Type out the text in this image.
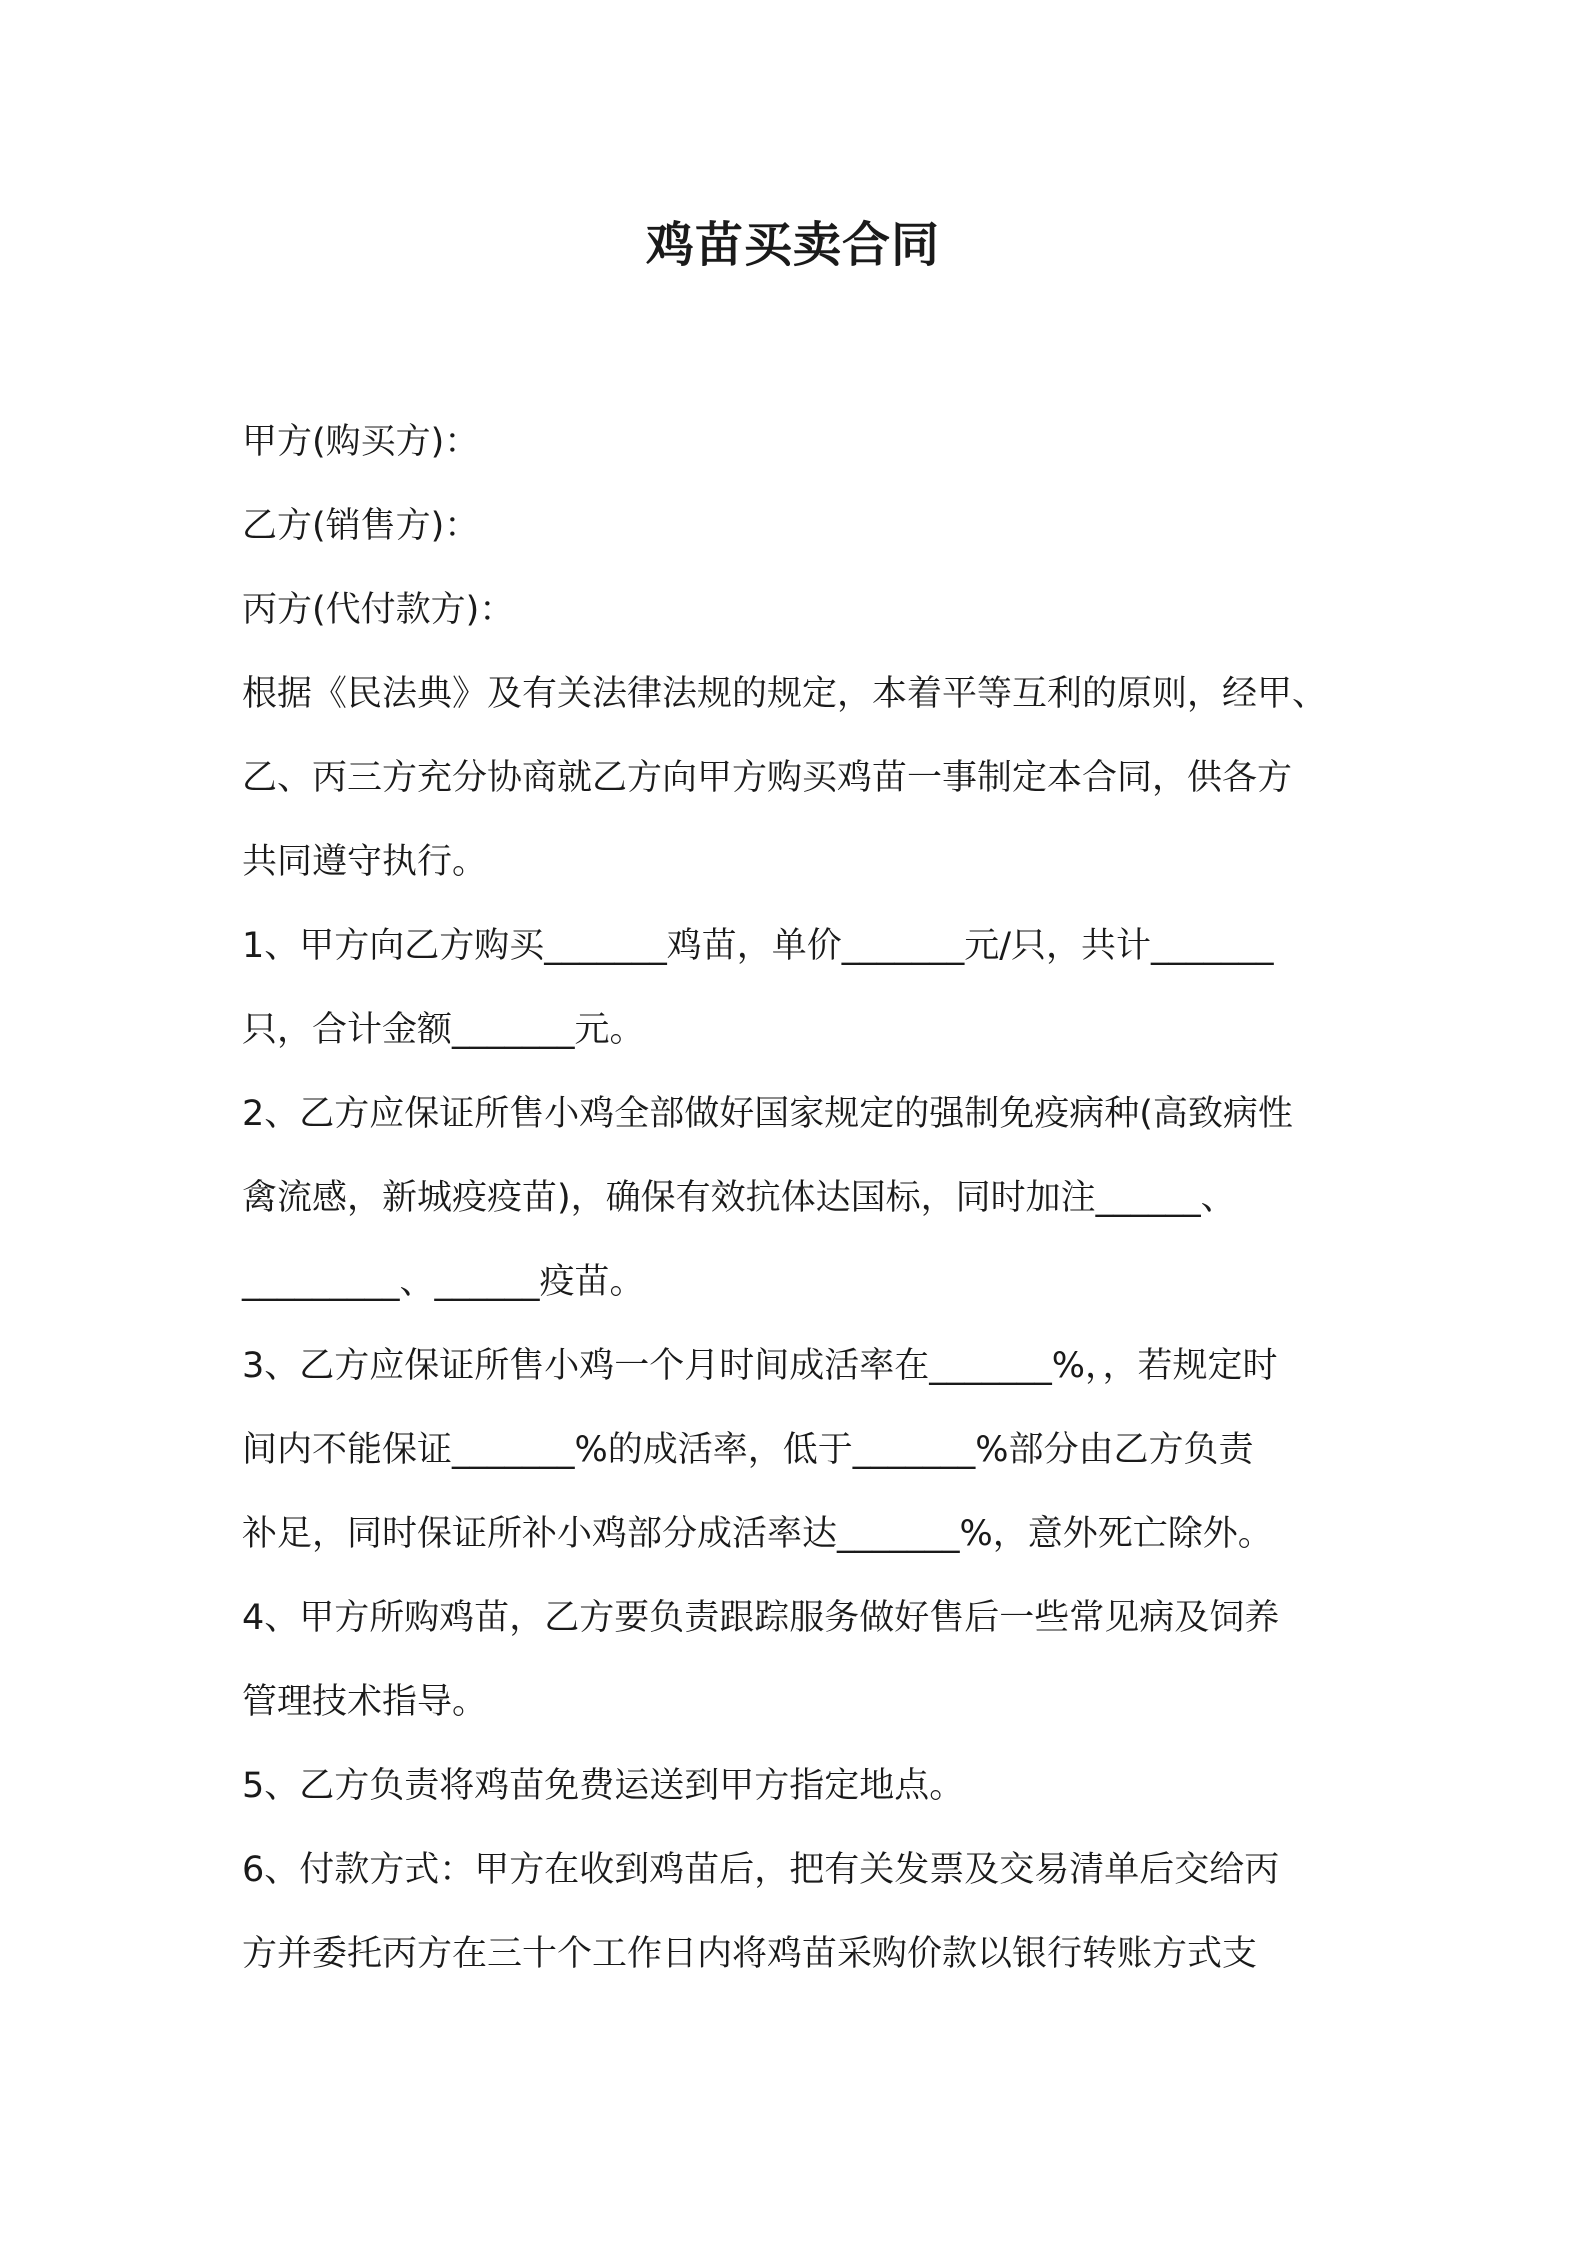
鸡苗买卖合同
甲方(购买方)：
乙方(销售方)：
丙方(代付款方)：
根据《民法典》及有关法律法规的规定，本着平等互利的原则，经甲、
乙、丙三方充分协商就乙方向甲方购买鸡苗一事制定本合同，供各方
共同遵守执行。
1、甲方向乙方购买_______鸡苗，单价_______元/只，共计_______
只，合计金额_______元。
2、乙方应保证所售小鸡全部做好国家规定的强制免疫病种(高致病性
禽流感，新城疫疫苗)，确保有效抗体达国标，同时加注______、
_________、______疫苗。
3、乙方应保证所售小鸡一个月时间成活率在_______%，，若规定时
间内不能保证_______%的成活率，低于_______%部分由乙方负责
补足，同时保证所补小鸡部分成活率达_______%，意外死亡除外。
4、甲方所购鸡苗，乙方要负责跟踪服务做好售后一些常见病及饲养
管理技术指导。
5、乙方负责将鸡苗免费运送到甲方指定地点。
6、付款方式：甲方在收到鸡苗后，把有关发票及交易清单后交给丙
方并委托丙方在三十个工作日内将鸡苗采购价款以银行转账方式支
